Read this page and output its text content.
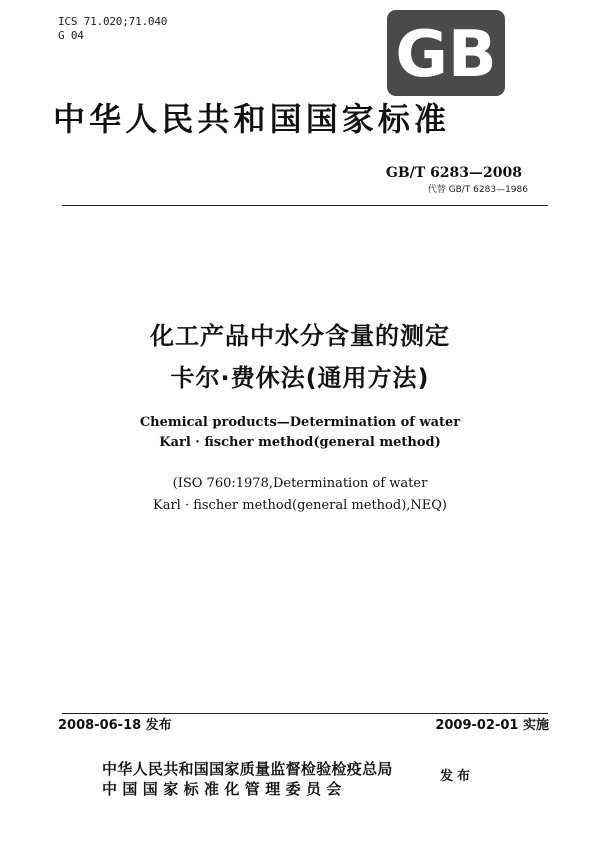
ICS 71.020;71.040
G 04	GB
中华人民共和国国家标准
GB/T 6283—2008
代替 GB/T 6283—1986
化工产品中水分含量的测定
卡尔·费休法(通用方法)
Chemical products—Determination of water
Karl · fischer method(general method)
(ISO 760:1978,Determination of water
Karl · fischer method(general method),NEQ)
2008-06-18 发布	2009-02-01 实施
中华人民共和国国家质量监督检验检疫总局
中国国家标准化管理委员会
发布
